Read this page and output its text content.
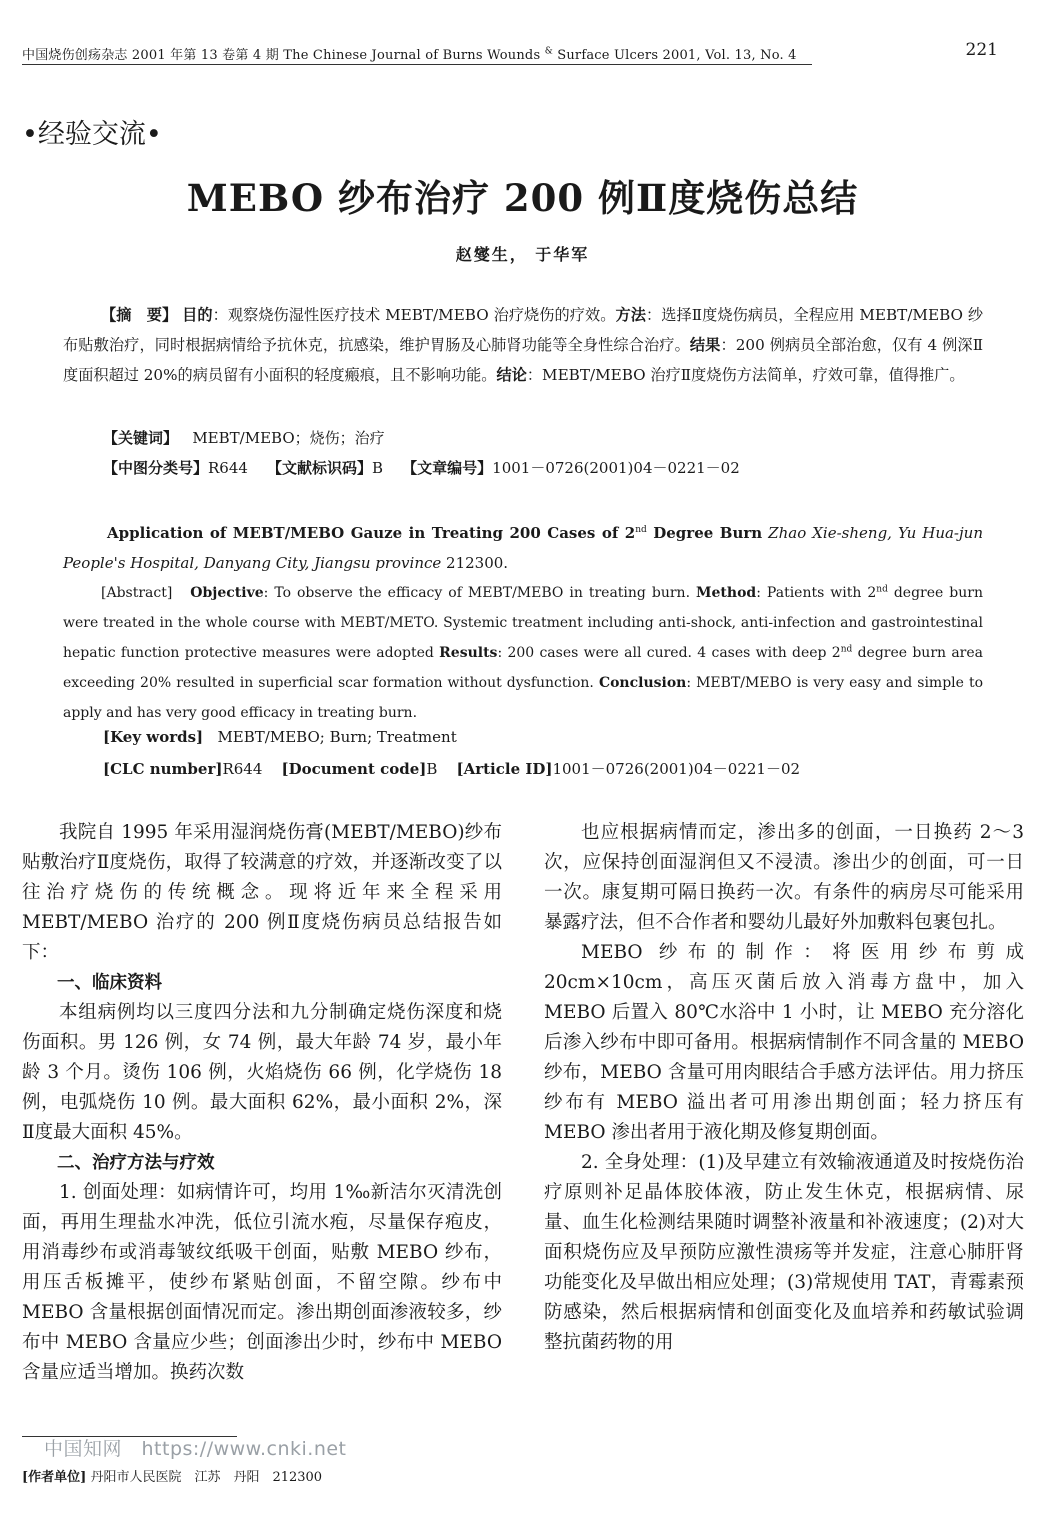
中国烧伤创疡杂志 2001 年第 13 卷第 4 期 The Chinese Journal of Burns Wounds & Surface Ulcers 2001, Vol. 13, No. 4	221
•经验交流•
MEBO 纱布治疗 200 例Ⅱ度烧伤总结
赵燮生， 于华军
【摘　要】 目的：观察烧伤湿性医疗技术 MEBT/MEBO 治疗烧伤的疗效。方法：选择Ⅱ度烧伤病员，全程应用 MEBT/MEBO 纱布贴敷治疗，同时根据病情给予抗休克，抗感染，维护胃肠及心肺肾功能等全身性综合治疗。结果：200 例病员全部治愈，仅有 4 例深Ⅱ度面积超过 20%的病员留有小面积的轻度瘢痕，且不影响功能。结论：MEBT/MEBO 治疗Ⅱ度烧伤方法简单，疗效可靠，值得推广。
【关键词】 MEBT/MEBO；烧伤；治疗
【中图分类号】R644 【文献标识码】B 【文章编号】1001－0726(2001)04－0221－02
Application of MEBT/MEBO Gauze in Treating 200 Cases of 2nd Degree Burn Zhao Xie-sheng, Yu Hua-jun People's Hospital, Danyang City, Jiangsu province 212300.
[Abstract] Objective: To observe the efficacy of MEBT/MEBO in treating burn. Method: Patients with 2nd degree burn were treated in the whole course with MEBT/METO. Systemic treatment including anti-shock, anti-infection and gastrointestinal hepatic function protective measures were adopted Results: 200 cases were all cured. 4 cases with deep 2nd degree burn area exceeding 20% resulted in superficial scar formation without dysfunction. Conclusion: MEBT/MEBO is very easy and simple to apply and has very good efficacy in treating burn.
[Key words] MEBT/MEBO; Burn; Treatment
[CLC number]R644 [Document code]B [Article ID]1001－0726(2001)04－0221－02

我院自 1995 年采用湿润烧伤膏(MEBT/MEBO)纱布贴敷治疗Ⅱ度烧伤，取得了较满意的疗效，并逐渐改变了以往治疗烧伤的传统概念。现将近年来全程采用 MEBT/MEBO 治疗的 200 例Ⅱ度烧伤病员总结报告如下：

一、临床资料

本组病例均以三度四分法和九分制确定烧伤深度和烧伤面积。男 126 例，女 74 例，最大年龄 74 岁，最小年龄 3 个月。烫伤 106 例，火焰烧伤 66 例，化学烧伤 18 例，电弧烧伤 10 例。最大面积 62%，最小面积 2%，深Ⅱ度最大面积 45%。

二、治疗方法与疗效

1. 创面处理：如病情许可，均用 1‰新洁尔灭清洗创面，再用生理盐水冲洗，低位引流水疱，尽量保存疱皮，用消毒纱布或消毒皱纹纸吸干创面，贴敷 MEBO 纱布，用压舌板摊平，使纱布紧贴创面，不留空隙。纱布中 MEBO 含量根据创面情况而定。渗出期创面渗液较多，纱布中 MEBO 含量应少些；创面渗出少时，纱布中 MEBO 含量应适当增加。换药次数

也应根据病情而定，渗出多的创面，一日换药 2～3 次，应保持创面湿润但又不浸渍。渗出少的创面，可一日一次。康复期可隔日换药一次。有条件的病房尽可能采用暴露疗法，但不合作者和婴幼儿最好外加敷料包裹包扎。

MEBO 纱布的制作：将医用纱布剪成 20cm×10cm，高压灭菌后放入消毒方盘中，加入 MEBO 后置入 80℃水浴中 1 小时，让 MEBO 充分溶化后渗入纱布中即可备用。根据病情制作不同含量的 MEBO 纱布，MEBO 含量可用肉眼结合手感方法评估。用力挤压纱布有 MEBO 溢出者可用渗出期创面；轻力挤压有 MEBO 渗出者用于液化期及修复期创面。

2. 全身处理：(1)及早建立有效输液通道及时按烧伤治疗原则补足晶体胶体液，防止发生休克，根据病情、尿量、血生化检测结果随时调整补液量和补液速度；(2)对大面积烧伤应及早预防应激性溃疡等并发症，注意心肺肝肾功能变化及早做出相应处理；(3)常规使用 TAT，青霉素预防感染，然后根据病情和创面变化及血培养和药敏试验调整抗菌药物的用

中国知网　https://www.cnki.net
[作者单位] 丹阳市人民医院　江苏　丹阳　212300
